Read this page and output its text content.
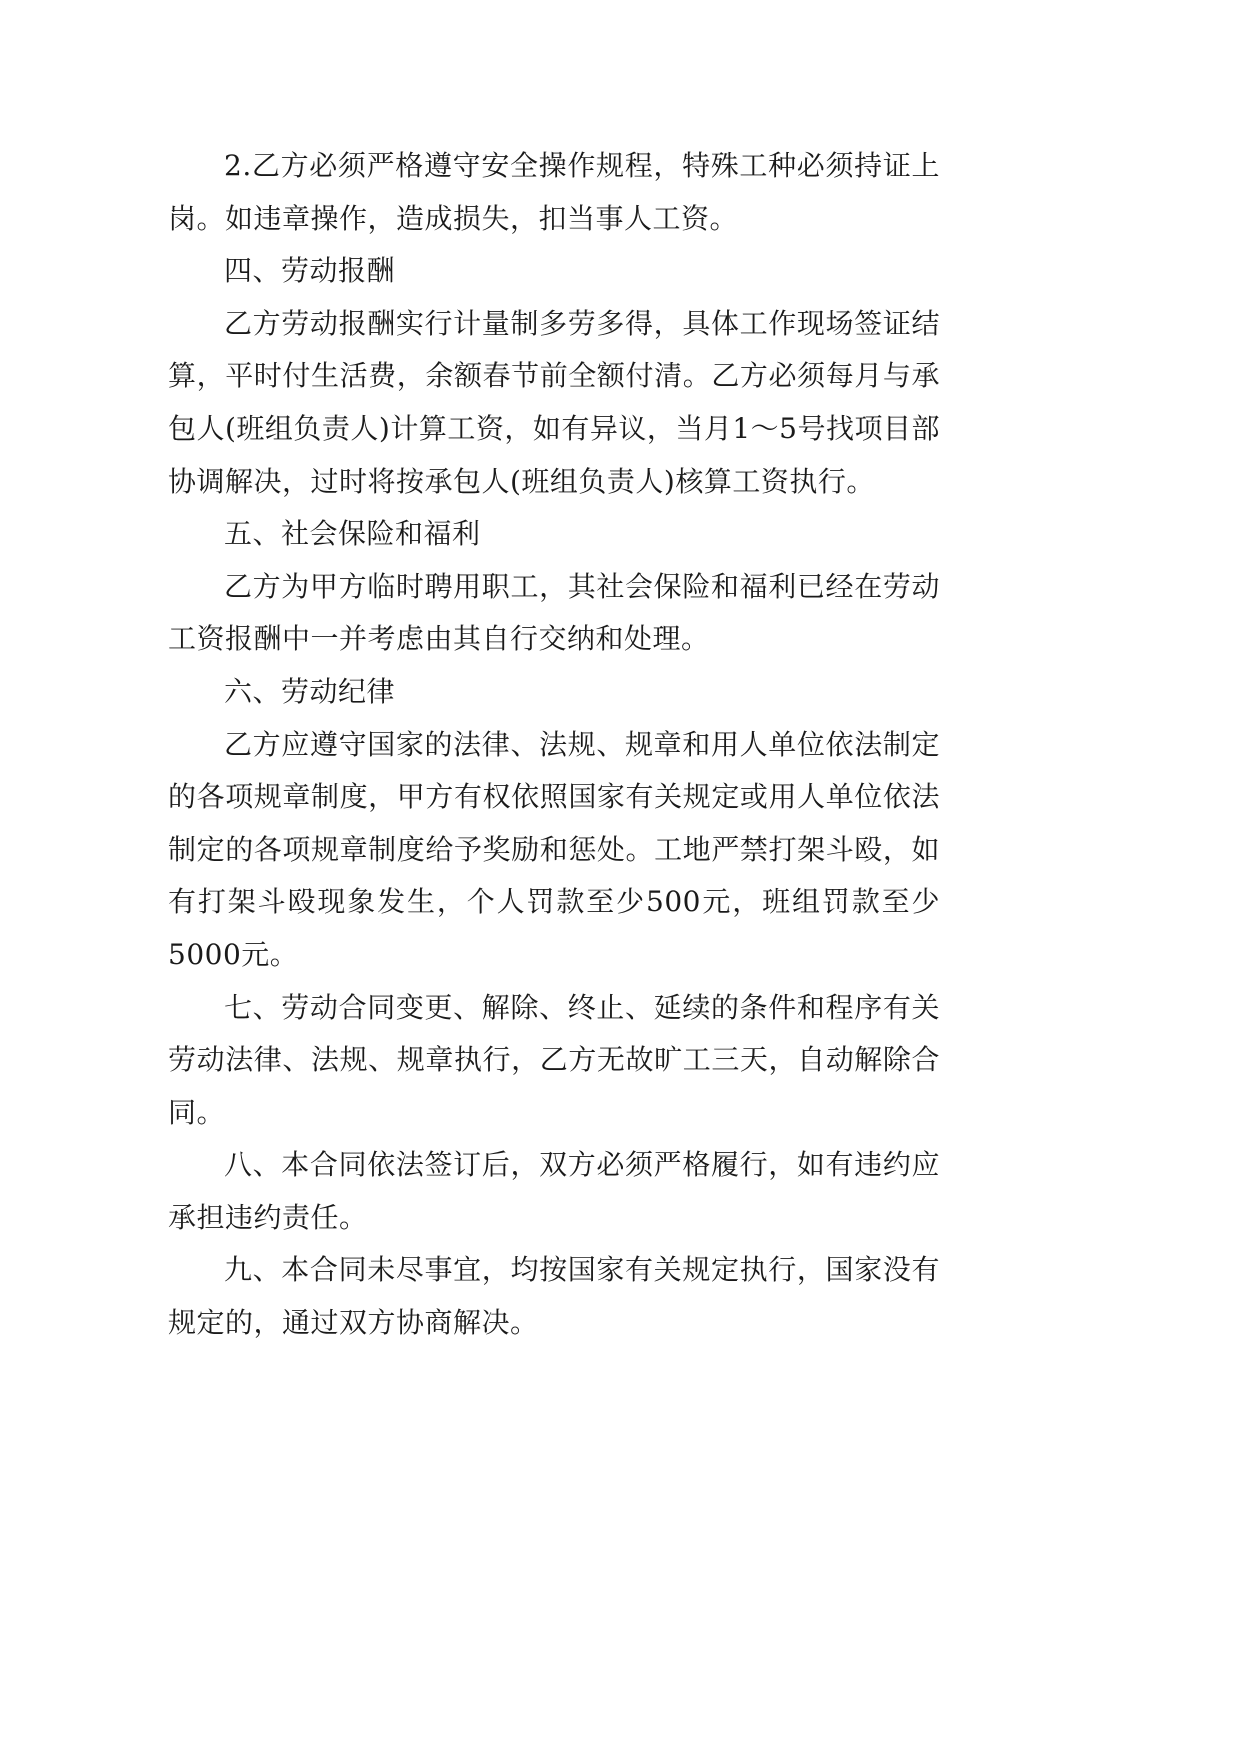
2.乙方必须严格遵守安全操作规程，特殊工种必须持证上岗。如违章操作，造成损失，扣当事人工资。

四、劳动报酬

乙方劳动报酬实行计量制多劳多得，具体工作现场签证结算，平时付生活费，余额春节前全额付清。乙方必须每月与承包人(班组负责人)计算工资，如有异议，当月1～5号找项目部协调解决，过时将按承包人(班组负责人)核算工资执行。

五、社会保险和福利

乙方为甲方临时聘用职工，其社会保险和福利已经在劳动工资报酬中一并考虑由其自行交纳和处理。

六、劳动纪律

乙方应遵守国家的法律、法规、规章和用人单位依法制定的各项规章制度，甲方有权依照国家有关规定或用人单位依法制定的各项规章制度给予奖励和惩处。工地严禁打架斗殴，如有打架斗殴现象发生，个人罚款至少500元，班组罚款至少5000元。

七、劳动合同变更、解除、终止、延续的条件和程序有关劳动法律、法规、规章执行，乙方无故旷工三天，自动解除合同。

八、本合同依法签订后，双方必须严格履行，如有违约应承担违约责任。

九、本合同未尽事宜，均按国家有关规定执行，国家没有规定的，通过双方协商解决。
